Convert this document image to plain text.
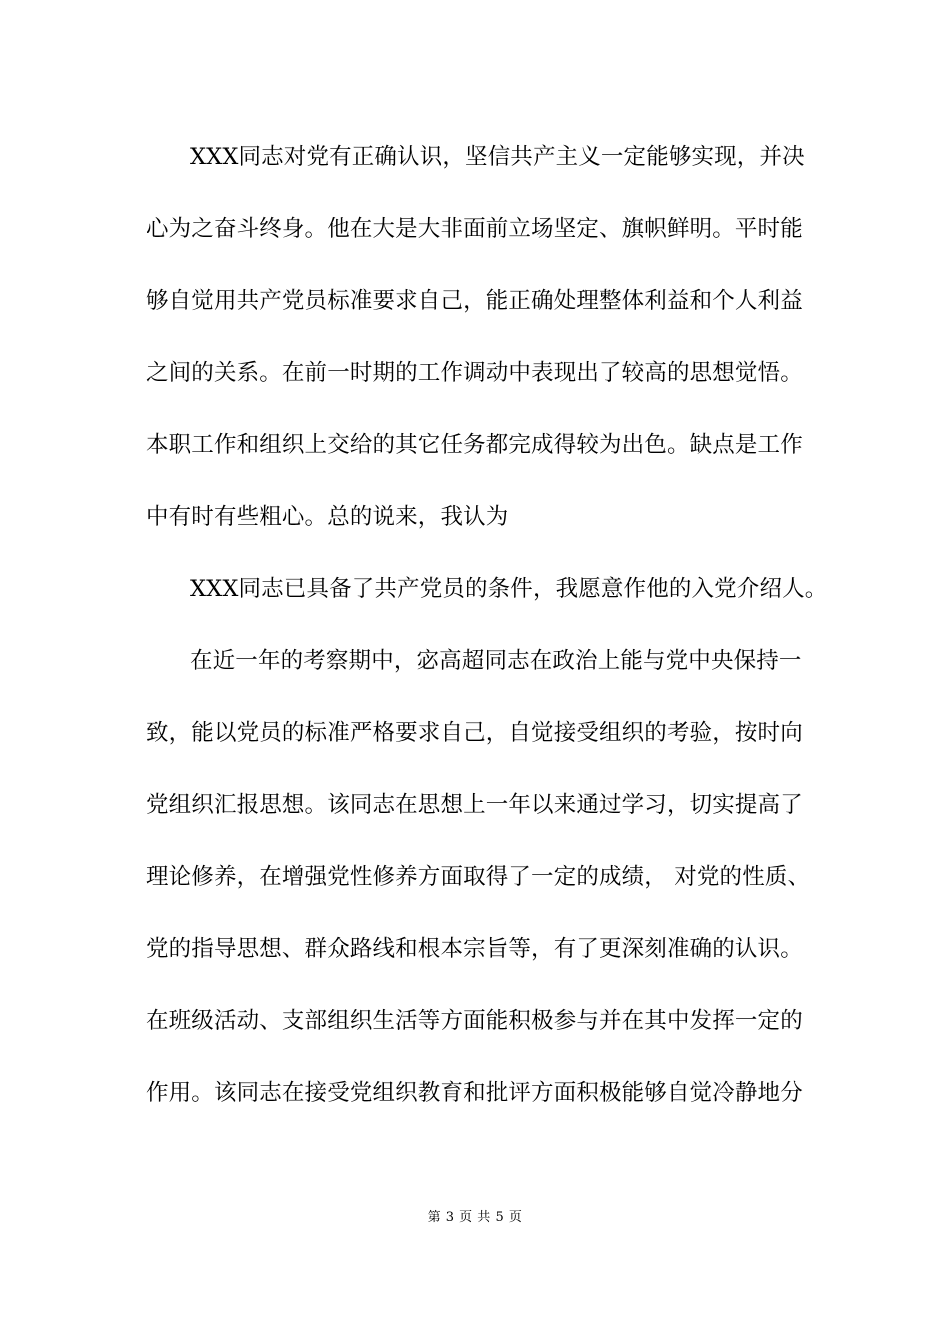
XXX同志对党有正确认识，坚信共产主义一定能够实现，并决
心为之奋斗终身。他在大是大非面前立场坚定、旗帜鲜明。平时能
够自觉用共产党员标准要求自己，能正确处理整体利益和个人利益
之间的关系。在前一时期的工作调动中表现出了较高的思想觉悟。
本职工作和组织上交给的其它任务都完成得较为出色。缺点是工作
中有时有些粗心。总的说来，我认为
XXX同志已具备了共产党员的条件，我愿意作他的入党介绍人。
在近一年的考察期中，宓高超同志在政治上能与党中央保持一
致，能以党员的标准严格要求自己，自觉接受组织的考验，按时向
党组织汇报思想。该同志在思想上一年以来通过学习，切实提高了
理论修养，在增强党性修养方面取得了一定的成绩， 对党的性质、
党的指导思想、群众路线和根本宗旨等，有了更深刻准确的认识。
在班级活动、支部组织生活等方面能积极参与并在其中发挥一定的
作用。该同志在接受党组织教育和批评方面积极能够自觉冷静地分
第 3 页 共 5 页
